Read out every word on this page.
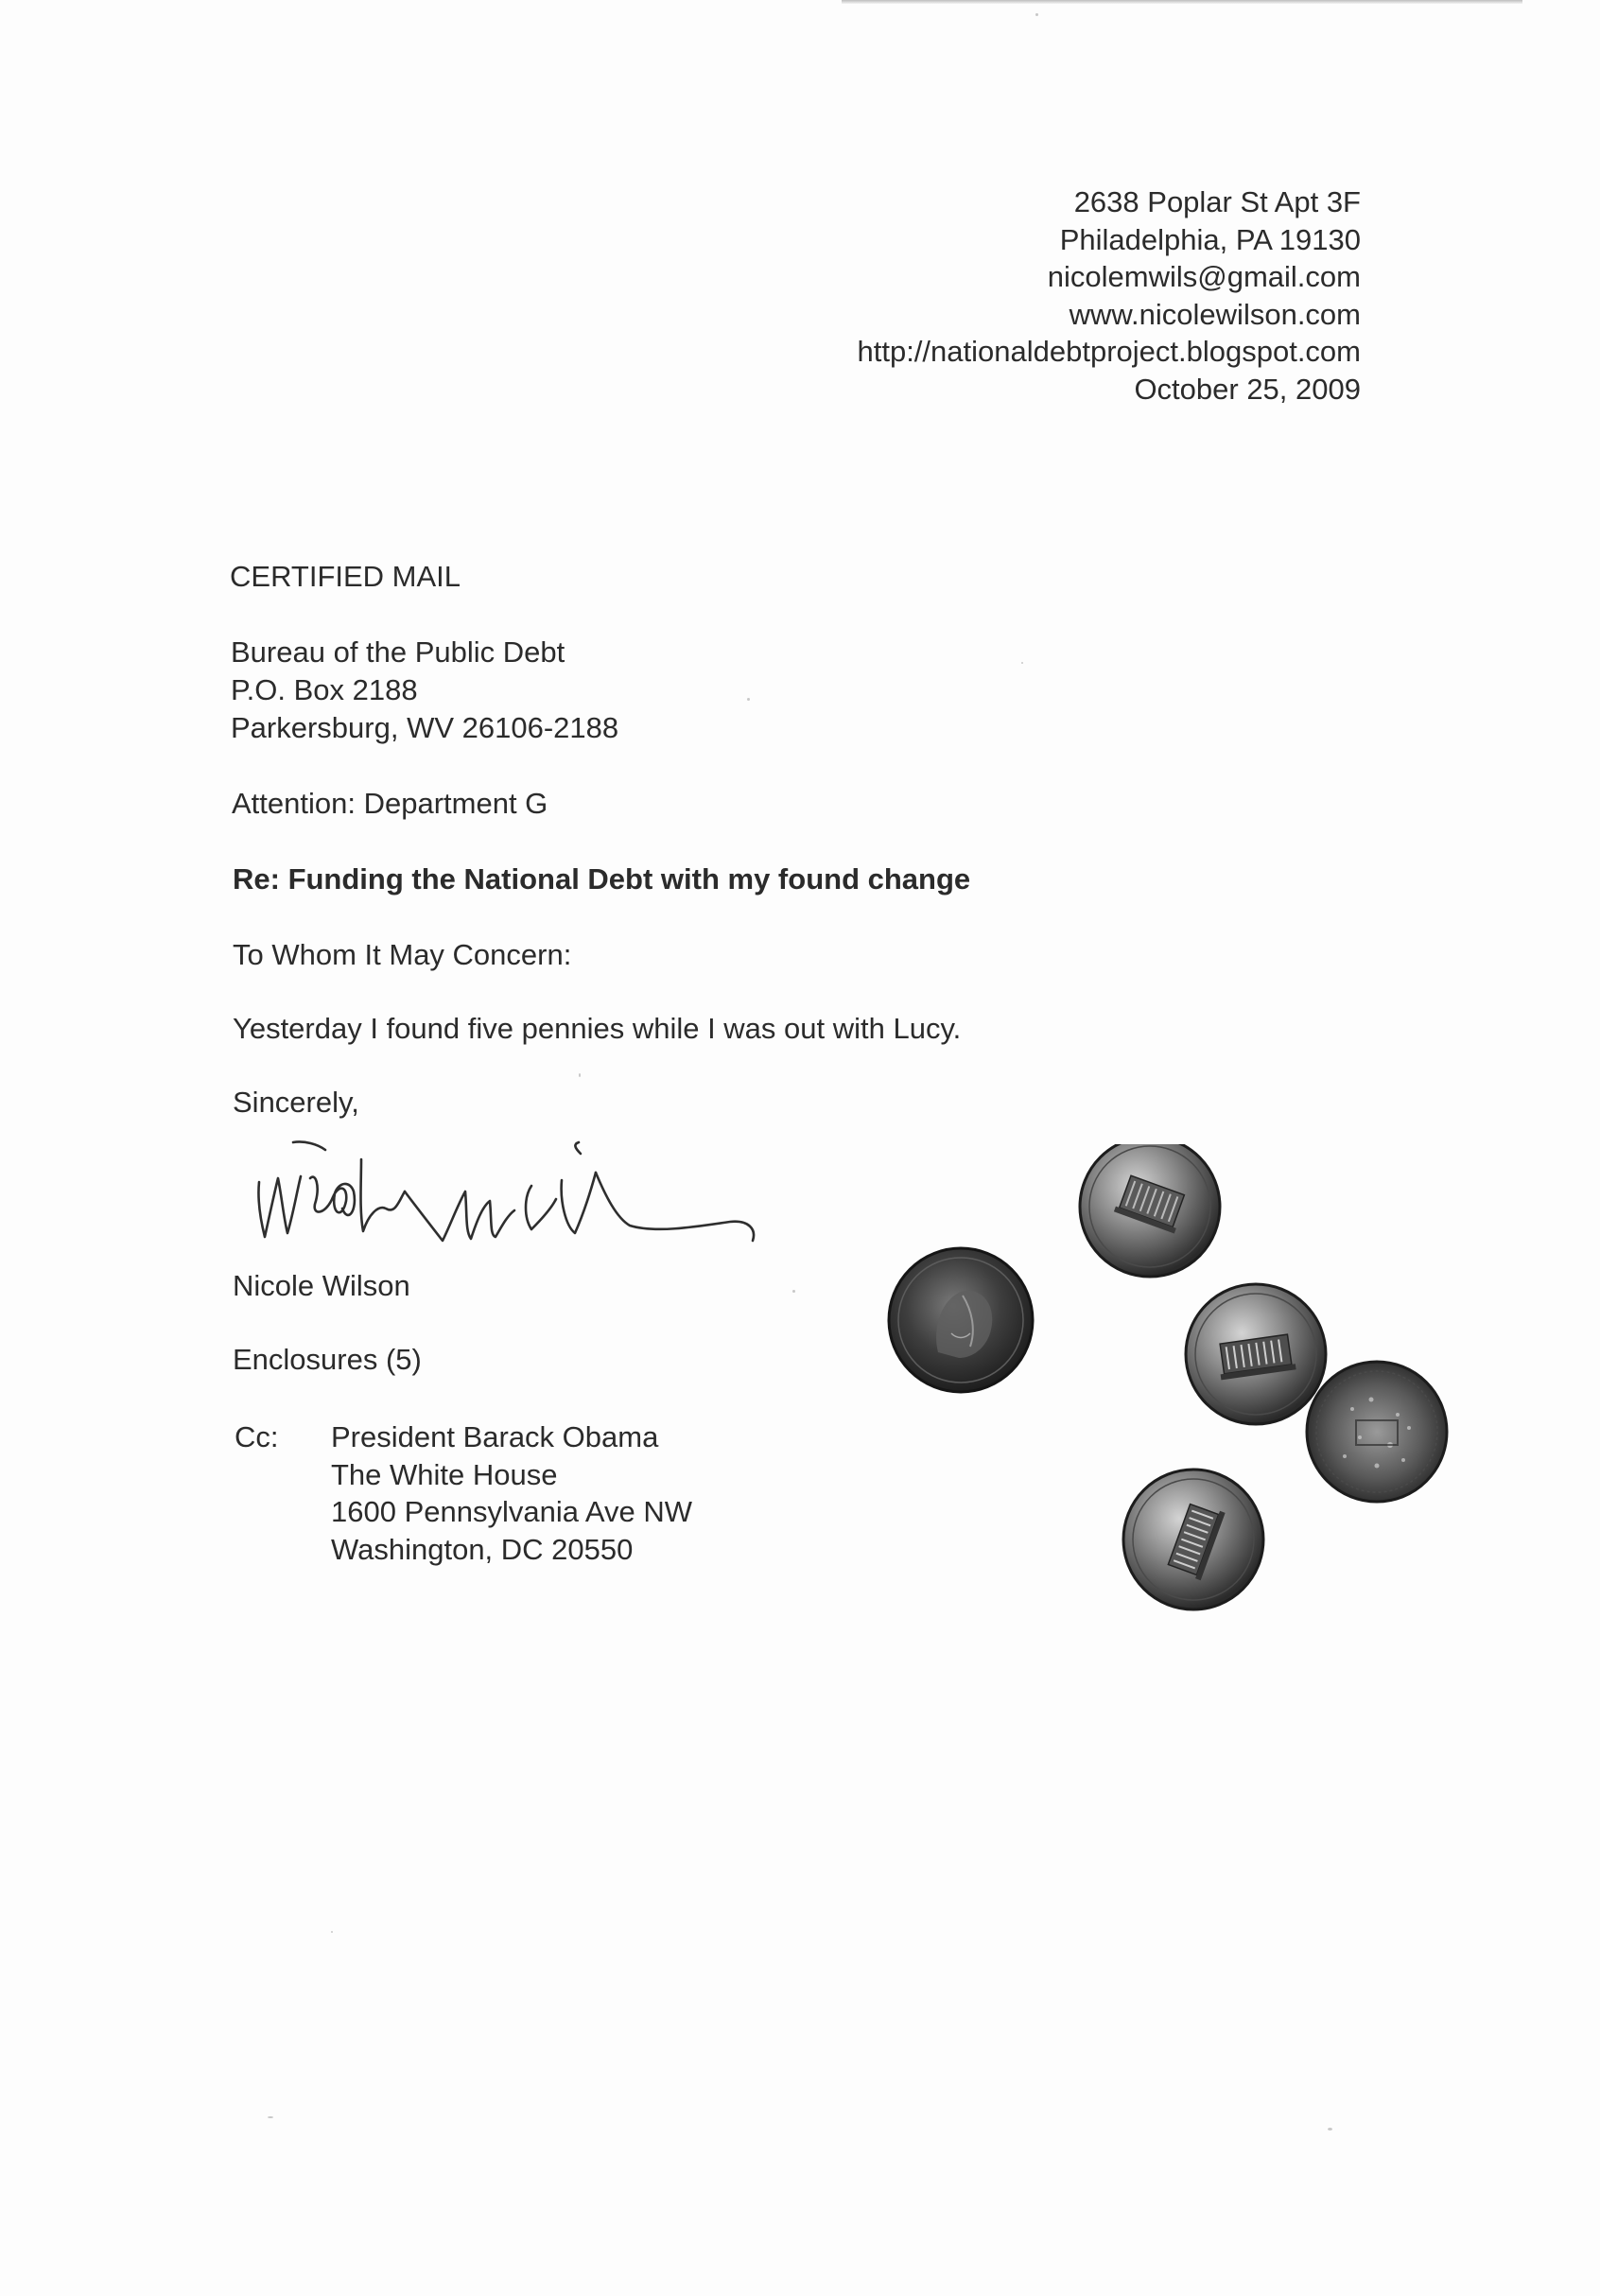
2638 Poplar St Apt 3F
Philadelphia, PA 19130
nicolemwils@gmail.com
www.nicolewilson.com
http://nationaldebtproject.blogspot.com
October 25, 2009
CERTIFIED MAIL
Bureau of the Public Debt
P.O. Box 2188
Parkersburg, WV 26106-2188
Attention: Department G
Re: Funding the National Debt with my found change
To Whom It May Concern:
Yesterday I found five pennies while I was out with Lucy.
Sincerely,
Nicole Wilson
Enclosures (5)
Cc: President Barack Obama
The White House
1600 Pennsylvania Ave NW
Washington, DC 20550
